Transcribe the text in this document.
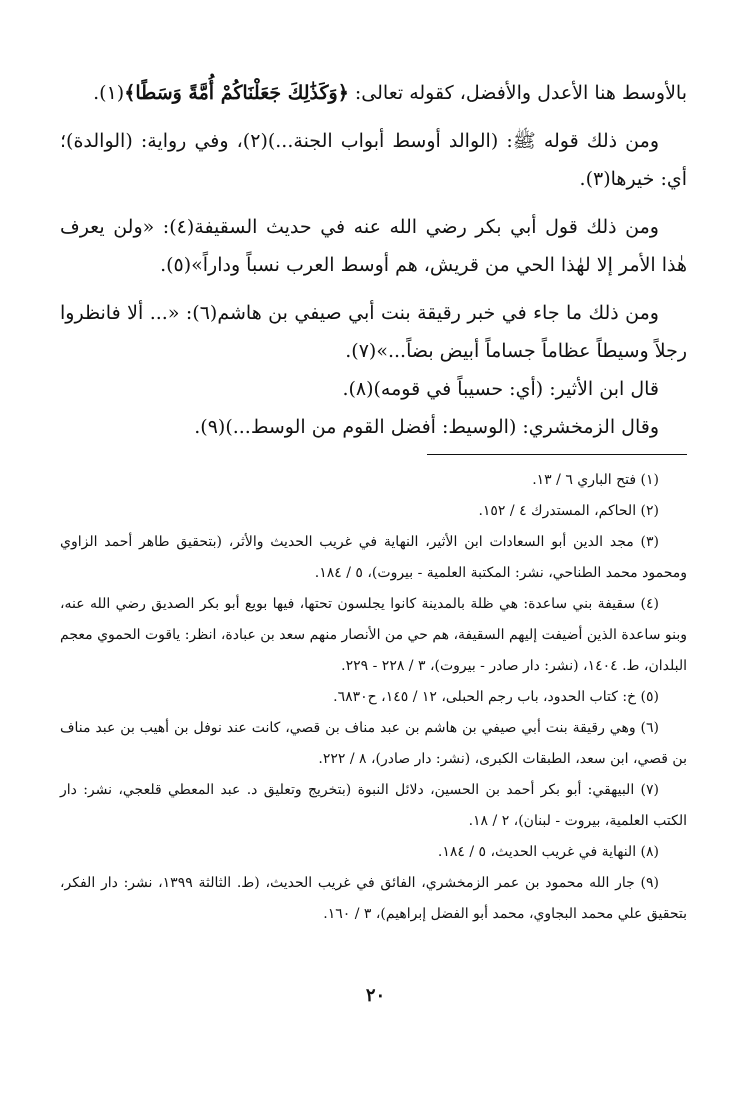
بالأوسط هنا الأعدل والأفضل، كقوله تعالى: ﴿وَكَذَٰلِكَ جَعَلْنَاكُمْ أُمَّةً وَسَطًا﴾(١).

ومن ذلك قوله ﷺ: (الوالد أوسط أبواب الجنة...)(٢)، وفي رواية: (الوالدة)؛ أي: خيرها(٣).

ومن ذلك قول أبي بكر رضي الله عنه في حديث السقيفة(٤): «ولن يعرف هٰذا الأمر إلا لهٰذا الحي من قريش، هم أوسط العرب نسباً وداراً»(٥).

ومن ذلك ما جاء في خبر رقيقة بنت أبي صيفي بن هاشم(٦): «... ألا فانظروا رجلاً وسيطاً عظاماً جساماً أبيض بضاً...»(٧).

قال ابن الأثير: (أي: حسيباً في قومه)(٨).

وقال الزمخشري: (الوسيط: أفضل القوم من الوسط...)(٩).

(١) فتح الباري ٦ / ١٣.

(٢) الحاكم، المستدرك ٤ / ١٥٢.

(٣) مجد الدين أبو السعادات ابن الأثير، النهاية في غريب الحديث والأثر، (بتحقيق طاهر أحمد الزاوي ومحمود محمد الطناحي، نشر: المكتبة العلمية - بيروت)، ٥ / ١٨٤.

(٤) سقيفة بني ساعدة: هي ظلة بالمدينة كانوا يجلسون تحتها، فيها بويع أبو بكر الصديق رضي الله عنه، وبنو ساعدة الذين أضيفت إليهم السقيفة، هم حي من الأنصار منهم سعد بن عبادة، انظر: ياقوت الحموي معجم البلدان، ط. ١٤٠٤، (نشر: دار صادر - بيروت)، ٣ / ٢٢٨ - ٢٢٩.

(٥) خ: كتاب الحدود، باب رجم الحبلى، ١٢ / ١٤٥، ح٦٨٣٠.

(٦) وهي رقيقة بنت أبي صيفي بن هاشم بن عبد مناف بن قصي، كانت عند نوفل بن أهيب بن عبد مناف بن قصي، ابن سعد، الطبقات الكبرى، (نشر: دار صادر)، ٨ / ٢٢٢.

(٧) البيهقي: أبو بكر أحمد بن الحسين، دلائل النبوة (بتخريج وتعليق د. عبد المعطي قلعجي، نشر: دار الكتب العلمية، بيروت - لبنان)، ٢ / ١٨.

(٨) النهاية في غريب الحديث، ٥ / ١٨٤.

(٩) جار الله محمود بن عمر الزمخشري، الفائق في غريب الحديث، (ط. الثالثة ١٣٩٩، نشر: دار الفكر، بتحقيق علي محمد البجاوي، محمد أبو الفضل إبراهيم)، ٣ / ١٦٠.

٢٠
